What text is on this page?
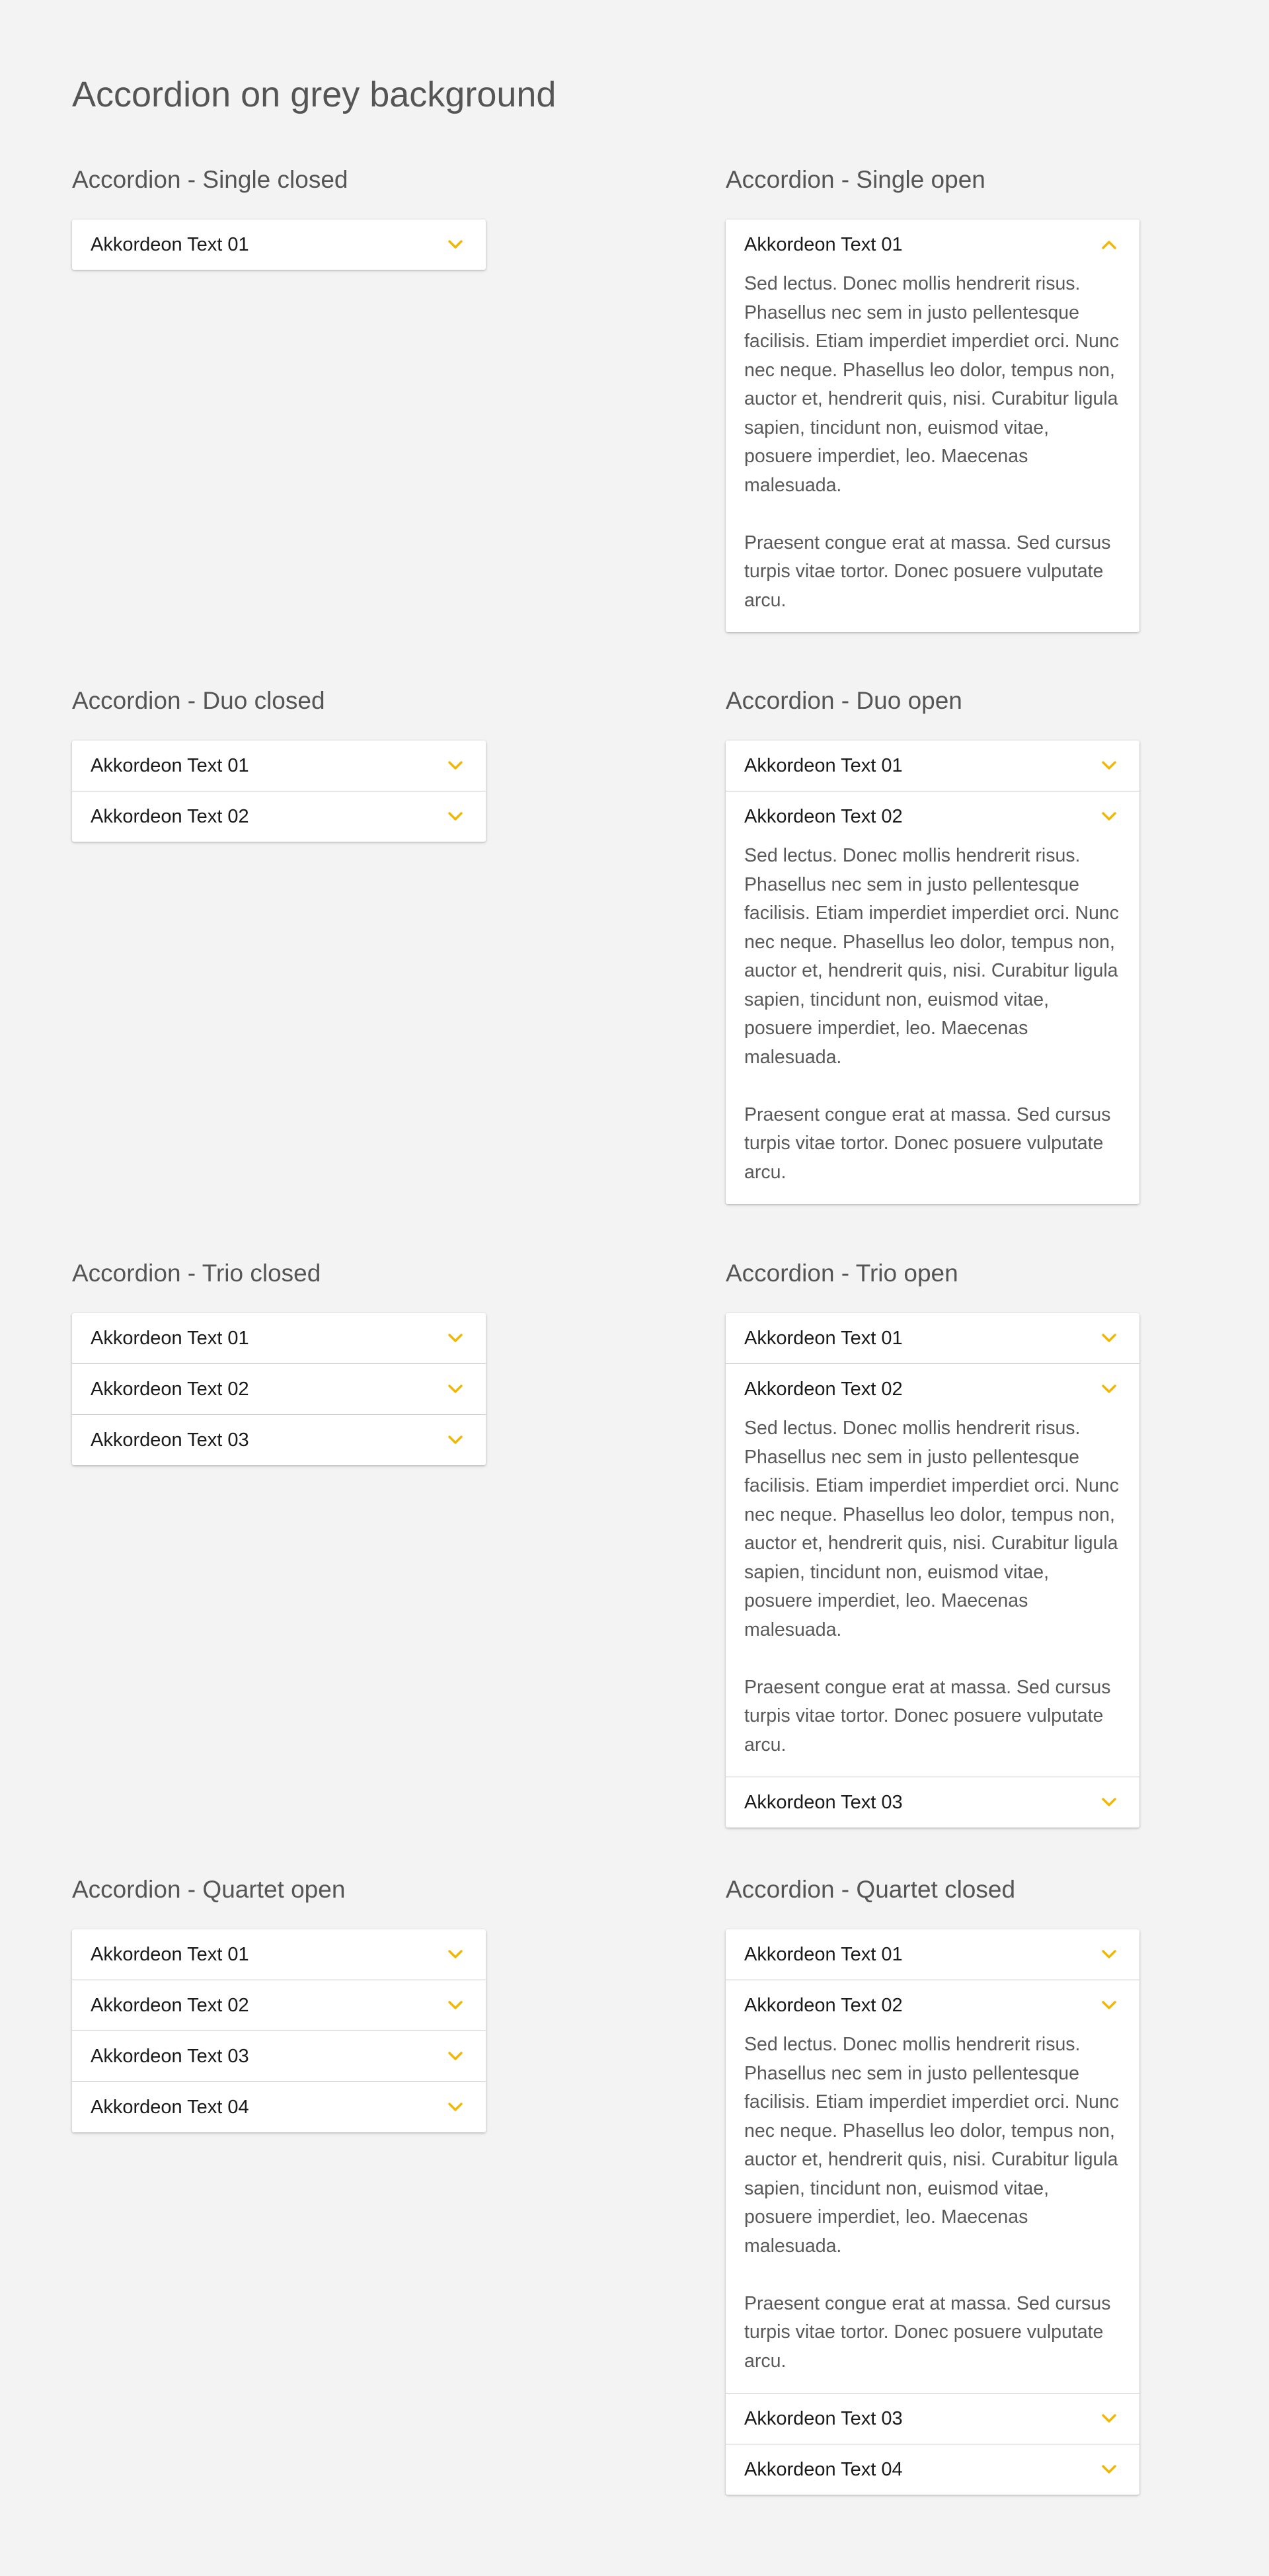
Accordion on grey background
Accordion - Single closed
Akkordeon Text 01
Accordion - Single open
Akkordeon Text 01

Sed lectus. Donec mollis hendrerit risus. Phasellus nec sem in justo pellentesque facilisis. Etiam imperdiet imperdiet orci. Nunc nec neque. Phasellus leo dolor, tempus non, auctor et, hendrerit quis, nisi. Curabitur ligula sapien, tincidunt non, euismod vitae, posuere imperdiet, leo. Maecenas malesuada.

Praesent congue erat at massa. Sed cursus turpis vitae tortor. Donec posuere vulputate arcu.

Accordion - Duo closed
Akkordeon Text 01
Akkordeon Text 02
Accordion - Duo open
Akkordeon Text 01
Akkordeon Text 02

Sed lectus. Donec mollis hendrerit risus. Phasellus nec sem in justo pellentesque facilisis. Etiam imperdiet imperdiet orci. Nunc nec neque. Phasellus leo dolor, tempus non, auctor et, hendrerit quis, nisi. Curabitur ligula sapien, tincidunt non, euismod vitae, posuere imperdiet, leo. Maecenas malesuada.

Praesent congue erat at massa. Sed cursus turpis vitae tortor. Donec posuere vulputate arcu.

Accordion - Trio closed
Akkordeon Text 01
Akkordeon Text 02
Akkordeon Text 03
Accordion - Trio open
Akkordeon Text 01
Akkordeon Text 02

Sed lectus. Donec mollis hendrerit risus. Phasellus nec sem in justo pellentesque facilisis. Etiam imperdiet imperdiet orci. Nunc nec neque. Phasellus leo dolor, tempus non, auctor et, hendrerit quis, nisi. Curabitur ligula sapien, tincidunt non, euismod vitae, posuere imperdiet, leo. Maecenas malesuada.

Praesent congue erat at massa. Sed cursus turpis vitae tortor. Donec posuere vulputate arcu.

Akkordeon Text 03
Accordion - Quartet open
Akkordeon Text 01
Akkordeon Text 02
Akkordeon Text 03
Akkordeon Text 04
Accordion - Quartet closed
Akkordeon Text 01
Akkordeon Text 02

Sed lectus. Donec mollis hendrerit risus. Phasellus nec sem in justo pellentesque facilisis. Etiam imperdiet imperdiet orci. Nunc nec neque. Phasellus leo dolor, tempus non, auctor et, hendrerit quis, nisi. Curabitur ligula sapien, tincidunt non, euismod vitae, posuere imperdiet, leo. Maecenas malesuada.

Praesent congue erat at massa. Sed cursus turpis vitae tortor. Donec posuere vulputate arcu.

Akkordeon Text 03
Akkordeon Text 04
